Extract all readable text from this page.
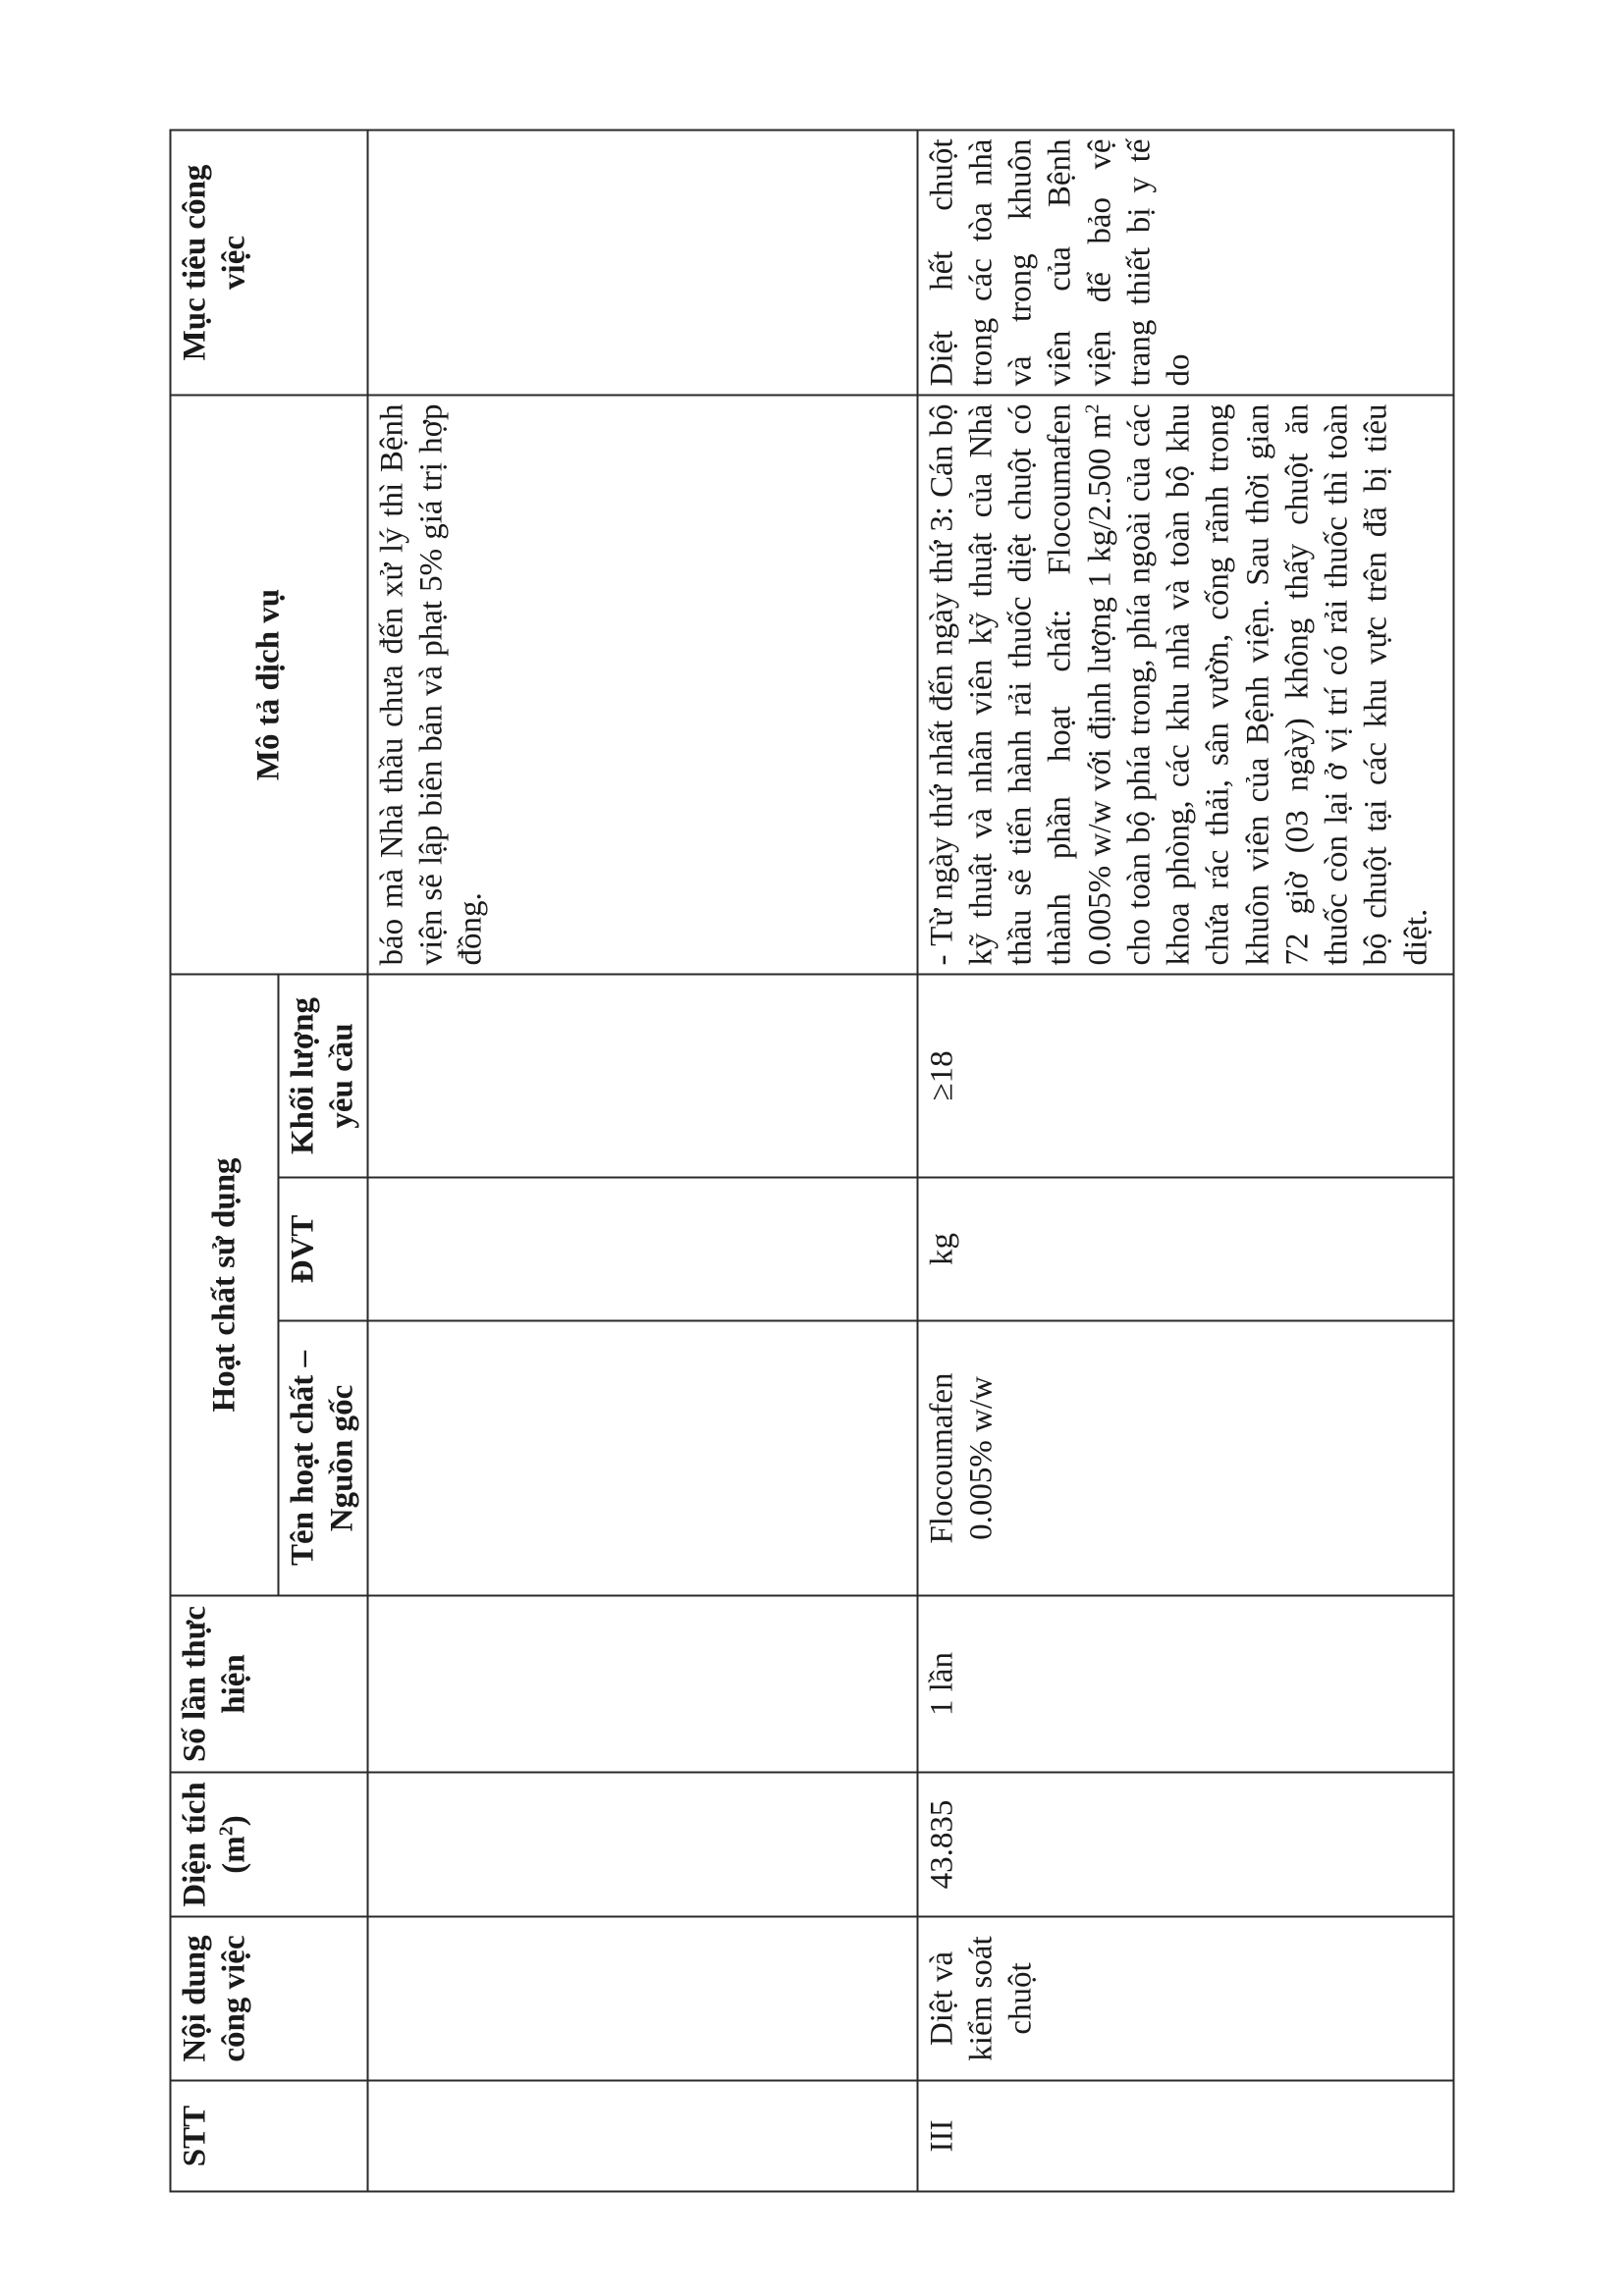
STT	Nội dung công việc	Diện tích $(m^2)$	Số lần thực hiện	Hoạt chất sử dụng			Mô tả dịch vụ	Mục tiêu công việc
				Tên hoạt chất – Nguồn gốc	ĐVT	Khối lượng yêu cầu		
							báo mà Nhà thầu chưa đến xử lý thì Bệnh viện sẽ lập biên bản và phạt 5% giá trị hợp đồng.	
III	Diệt và kiểm soát chuột	43.835	1 lần	Flocoumafen 0.005% w/w	kg	≥18	- Từ ngày thứ nhất đến ngày thứ 3: Cán bộ kỹ thuật và nhân viên kỹ thuật của Nhà thầu sẽ tiến hành rải thuốc diệt chuột có thành phần hoạt chất: Flocoumafen 0.005% w/w với định lượng 1 kg/2.500 $m^2$ cho toàn bộ phía trong, phía ngoài của các khoa phòng, các khu nhà và toàn bộ khu chứa rác thải, sân vườn, cống rãnh trong khuôn viên của Bệnh viện. Sau thời gian 72 giờ (03 ngày) không thấy chuột ăn thuốc còn lại ở vị trí có rải thuốc thì toàn bộ chuột tại các khu vực trên đã bị tiêu diệt.	Diệt hết chuột trong các tòa nhà và trong khuôn viên của Bệnh viện để bảo vệ trang thiết bị y tế do
